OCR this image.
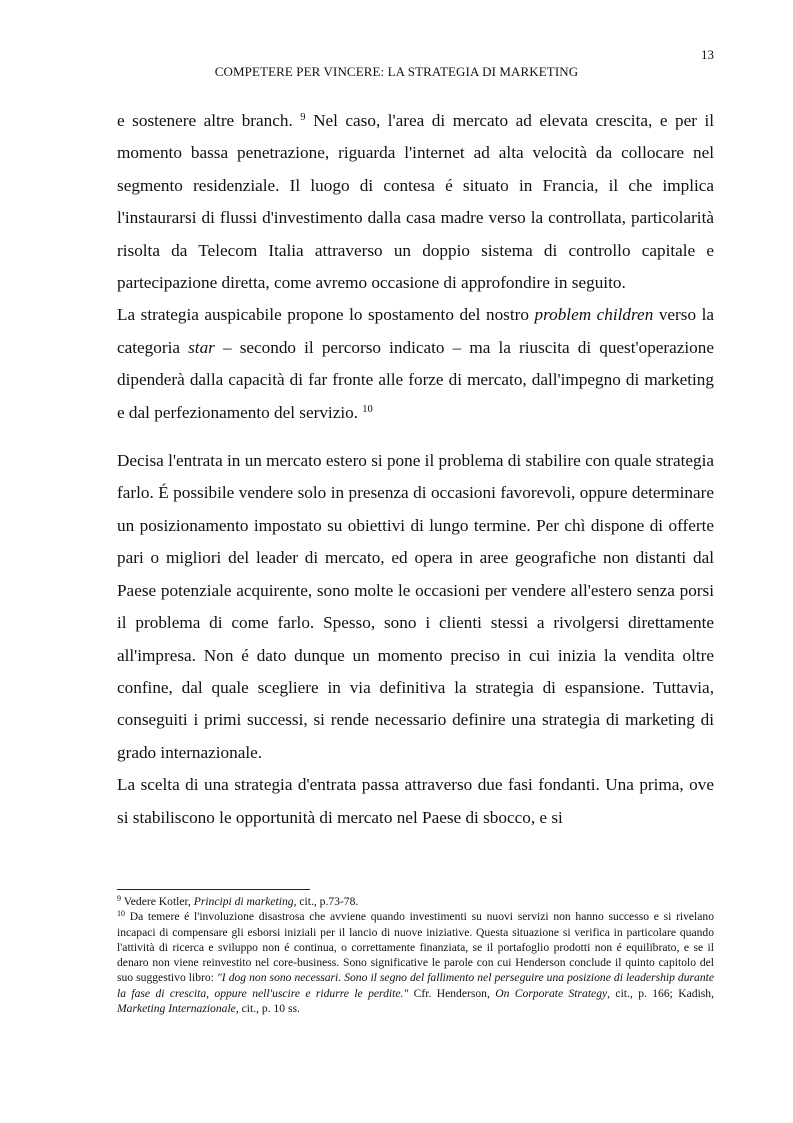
13
COMPETERE PER VINCERE: LA STRATEGIA DI MARKETING

e sostenere altre branch. $^9$ Nel caso, l'area di mercato ad elevata crescita, e per il momento bassa penetrazione, riguarda l'internet ad alta velocità da collocare nel segmento residenziale. Il luogo di contesa é situato in Francia, il che implica l'instaurarsi di flussi d'investimento dalla casa madre verso la controllata, particolarità risolta da Telecom Italia attraverso un doppio sistema di controllo capitale e partecipazione diretta, come avremo occasione di approfondire in seguito.

La strategia auspicabile propone lo spostamento del nostro problem children verso la categoria star – secondo il percorso indicato – ma la riuscita di quest'operazione dipenderà dalla capacità di far fronte alle forze di mercato, dall'impegno di marketing e dal perfezionamento del servizio. $^{10}$

Decisa l'entrata in un mercato estero si pone il problema di stabilire con quale strategia farlo. É possibile vendere solo in presenza di occasioni favorevoli, oppure determinare un posizionamento impostato su obiettivi di lungo termine. Per chì dispone di offerte pari o migliori del leader di mercato, ed opera in aree geografiche non distanti dal Paese potenziale acquirente, sono molte le occasioni per vendere all'estero senza porsi il problema di come farlo. Spesso, sono i clienti stessi a rivolgersi direttamente all'impresa. Non é dato dunque un momento preciso in cui inizia la vendita oltre confine, dal quale scegliere in via definitiva la strategia di espansione. Tuttavia, conseguiti i primi successi, si rende necessario definire una strategia di marketing di grado internazionale.

La scelta di una strategia d'entrata passa attraverso due fasi fondanti. Una prima, ove si stabiliscono le opportunità di mercato nel Paese di sbocco, e si

$^9$ Vedere Kotler, Principi di marketing, cit., p.73-78.

$^{10}$ Da temere é l'involuzione disastrosa che avviene quando investimenti su nuovi servizi non hanno successo e si rivelano incapaci di compensare gli esborsi iniziali per il lancio di nuove iniziative. Questa situazione si verifica in particolare quando l'attività di ricerca e sviluppo non é continua, o correttamente finanziata, se il portafoglio prodotti non é equilibrato, e se il denaro non viene reinvestito nel core-business. Sono significative le parole con cui Henderson conclude il quinto capitolo del suo suggestivo libro: "I dog non sono necessari. Sono il segno del fallimento nel perseguire una posizione di leadership durante la fase di crescita, oppure nell'uscire e ridurre le perdite." Cfr. Henderson, On Corporate Strategy, cit., p. 166; Kadish, Marketing Internazionale, cit., p. 10 ss.
